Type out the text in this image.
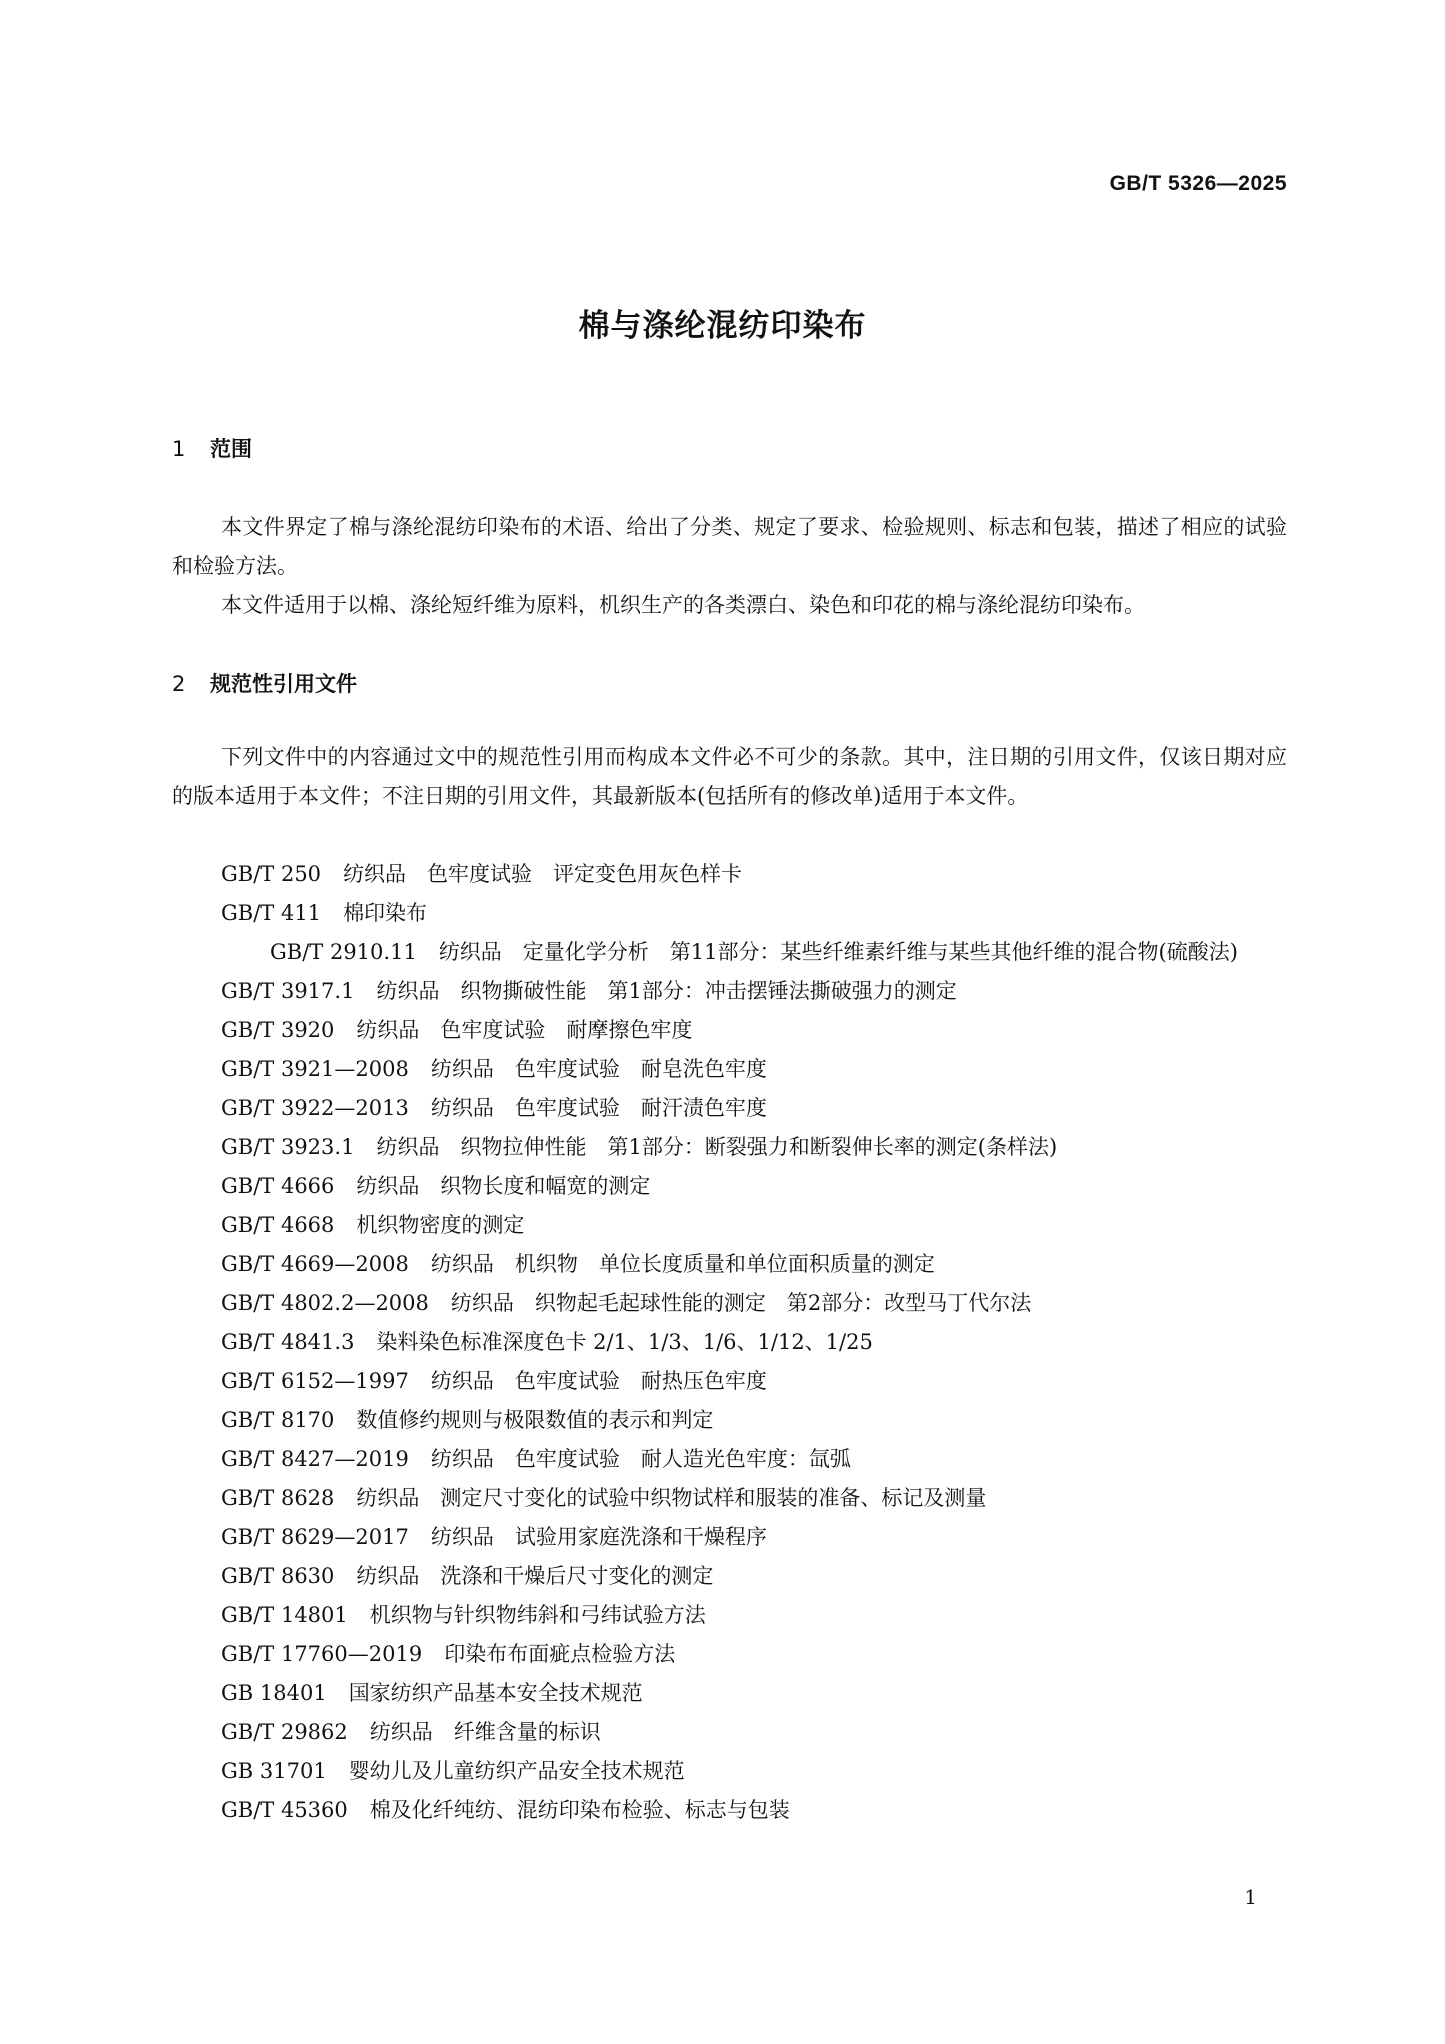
GB/T 5326—2025
棉与涤纶混纺印染布
1 范围
本文件界定了棉与涤纶混纺印染布的术语、给出了分类、规定了要求、检验规则、标志和包装，描述了相应的试验和检验方法。
本文件适用于以棉、涤纶短纤维为原料，机织生产的各类漂白、染色和印花的棉与涤纶混纺印染布。
2 规范性引用文件
下列文件中的内容通过文中的规范性引用而构成本文件必不可少的条款。其中，注日期的引用文件，仅该日期对应的版本适用于本文件；不注日期的引用文件，其最新版本(包括所有的修改单)适用于本文件。
GB/T 250 纺织品　色牢度试验　评定变色用灰色样卡
GB/T 411 棉印染布
GB/T 2910.11 纺织品　定量化学分析　第11部分：某些纤维素纤维与某些其他纤维的混合物(硫酸法)
GB/T 3917.1 纺织品　织物撕破性能　第1部分：冲击摆锤法撕破强力的测定
GB/T 3920 纺织品　色牢度试验　耐摩擦色牢度
GB/T 3921—2008 纺织品　色牢度试验　耐皂洗色牢度
GB/T 3922—2013 纺织品　色牢度试验　耐汗渍色牢度
GB/T 3923.1 纺织品　织物拉伸性能　第1部分：断裂强力和断裂伸长率的测定(条样法)
GB/T 4666 纺织品　织物长度和幅宽的测定
GB/T 4668 机织物密度的测定
GB/T 4669—2008 纺织品　机织物　单位长度质量和单位面积质量的测定
GB/T 4802.2—2008 纺织品　织物起毛起球性能的测定　第2部分：改型马丁代尔法
GB/T 4841.3 染料染色标准深度色卡 2/1、1/3、1/6、1/12、1/25
GB/T 6152—1997 纺织品　色牢度试验　耐热压色牢度
GB/T 8170 数值修约规则与极限数值的表示和判定
GB/T 8427—2019 纺织品　色牢度试验　耐人造光色牢度：氙弧
GB/T 8628 纺织品　测定尺寸变化的试验中织物试样和服装的准备、标记及测量
GB/T 8629—2017 纺织品　试验用家庭洗涤和干燥程序
GB/T 8630 纺织品　洗涤和干燥后尺寸变化的测定
GB/T 14801 机织物与针织物纬斜和弓纬试验方法
GB/T 17760—2019 印染布布面疵点检验方法
GB 18401 国家纺织产品基本安全技术规范
GB/T 29862 纺织品　纤维含量的标识
GB 31701 婴幼儿及儿童纺织产品安全技术规范
GB/T 45360 棉及化纤纯纺、混纺印染布检验、标志与包装
1
